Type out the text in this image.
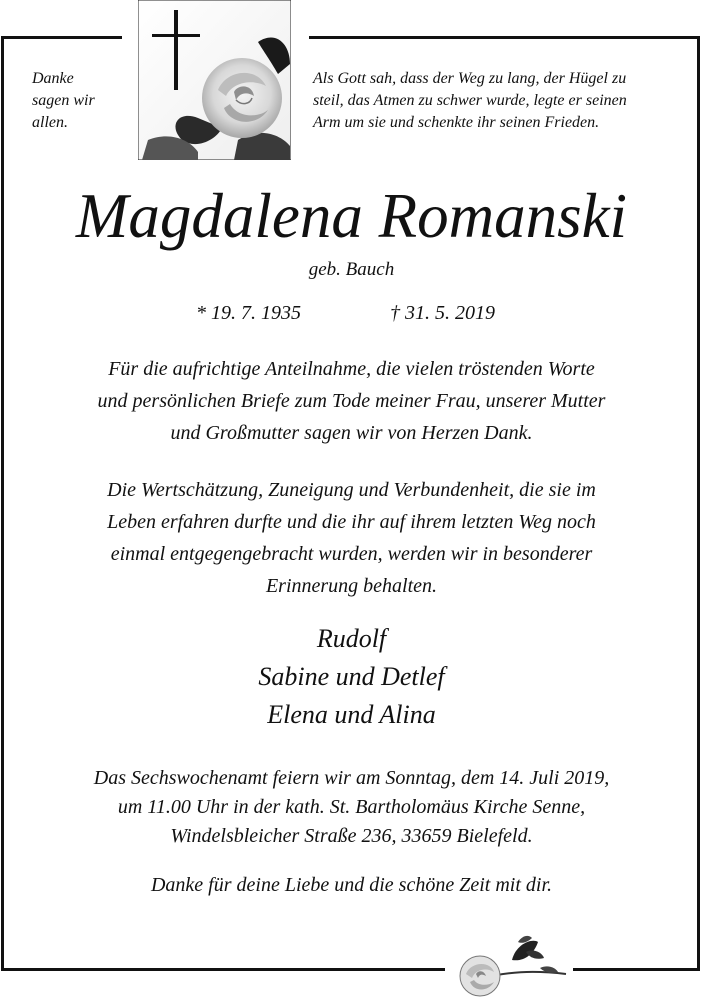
Danke
sagen wir
allen.
Als Gott sah, dass der Weg zu lang, der Hügel zu
steil, das Atmen zu schwer wurde, legte er seinen
Arm um sie und schenkte ihr seinen Frieden.
Magdalena Romanski
geb. Bauch
* 19. 7. 1935	† 31. 5. 2019
Für die aufrichtige Anteilnahme, die vielen tröstenden Worte
und persönlichen Briefe zum Tode meiner Frau, unserer Mutter
und Großmutter sagen wir von Herzen Dank.
Die Wertschätzung, Zuneigung und Verbundenheit, die sie im
Leben erfahren durfte und die ihr auf ihrem letzten Weg noch
einmal entgegengebracht wurden, werden wir in besonderer
Erinnerung behalten.
Rudolf
Sabine und Detlef
Elena und Alina
Das Sechswochenamt feiern wir am Sonntag, dem 14. Juli 2019,
um 11.00 Uhr in der kath. St. Bartholomäus Kirche Senne,
Windelsbleicher Straße 236, 33659 Bielefeld.
Danke für deine Liebe und die schöne Zeit mit dir.
